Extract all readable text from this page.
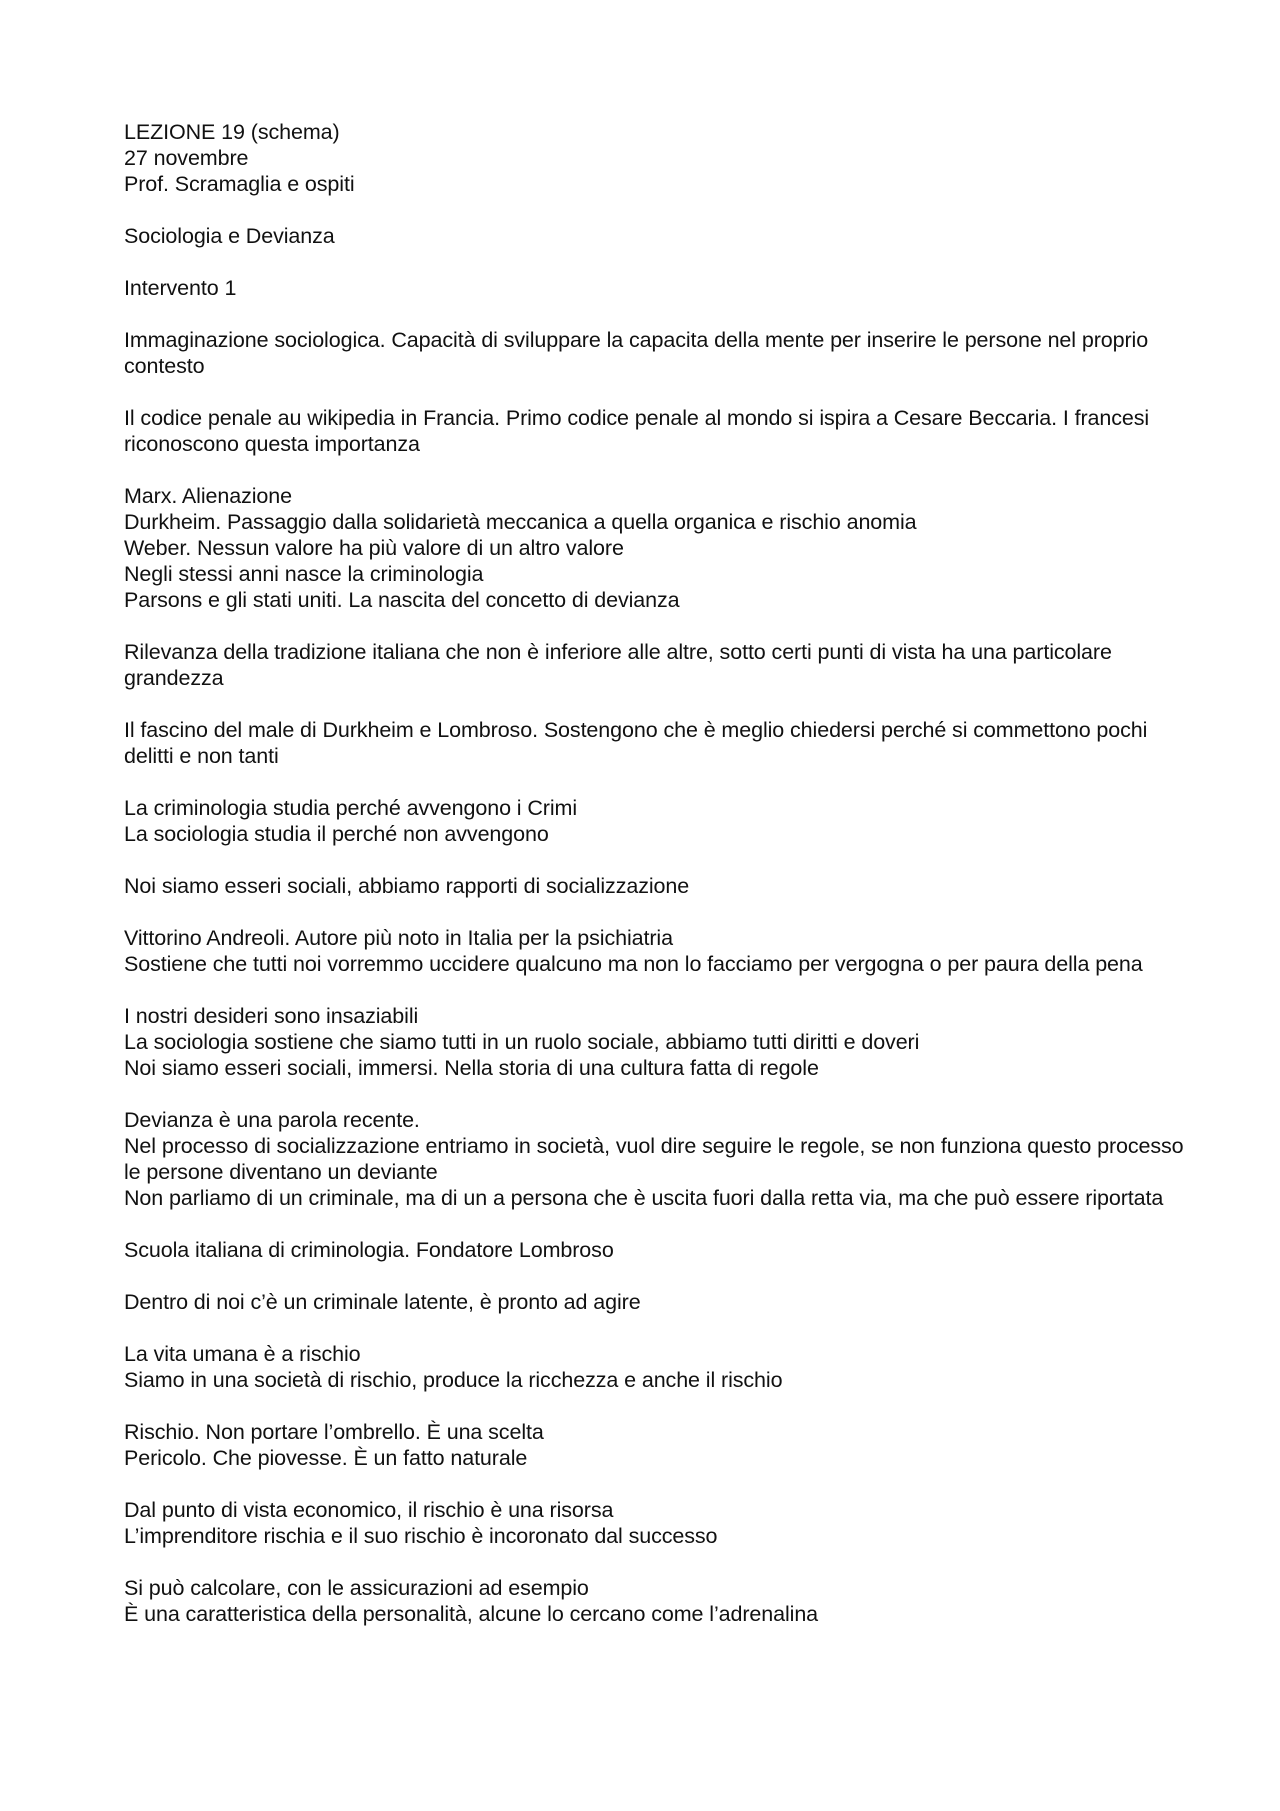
LEZIONE 19 (schema)
27 novembre
Prof. Scramaglia e ospiti
Sociologia e Devianza
Intervento 1
Immaginazione sociologica. Capacità di sviluppare la capacita della mente per inserire le persone nel proprio contesto
Il codice penale au wikipedia in Francia. Primo codice penale al mondo si ispira a Cesare Beccaria. I francesi riconoscono questa importanza
Marx. Alienazione
Durkheim. Passaggio dalla solidarietà meccanica a quella organica e rischio anomia
Weber. Nessun valore ha più valore di un altro valore
Negli stessi anni nasce la criminologia
Parsons e gli stati uniti. La nascita del concetto di devianza
Rilevanza della tradizione italiana che non è inferiore alle altre, sotto certi punti di vista ha una particolare grandezza
Il fascino del male di Durkheim e Lombroso. Sostengono che è meglio chiedersi perché si commettono pochi delitti e non tanti
La criminologia studia perché avvengono i Crimi
La sociologia studia il perché non avvengono
Noi siamo esseri sociali, abbiamo rapporti di socializzazione
Vittorino Andreoli. Autore più noto in Italia per la psichiatria
Sostiene che tutti noi vorremmo uccidere qualcuno ma non lo facciamo per vergogna o per paura della pena
I nostri desideri sono insaziabili
La sociologia sostiene che siamo tutti in un ruolo sociale, abbiamo tutti diritti e doveri
Noi siamo esseri sociali, immersi. Nella storia di una cultura fatta di regole
Devianza è una parola recente.
Nel processo di socializzazione entriamo in società, vuol dire seguire le regole, se non funziona questo processo le persone diventano un deviante
Non parliamo di un criminale, ma di un a persona che è uscita fuori dalla retta via, ma che può essere riportata
Scuola italiana di criminologia. Fondatore Lombroso
Dentro di noi c’è un criminale latente, è pronto ad agire
La vita umana è a rischio
Siamo in una società di rischio, produce la ricchezza e anche il rischio
Rischio. Non portare l’ombrello. È una scelta
Pericolo. Che piovesse. È un fatto naturale
Dal punto di vista economico, il rischio è una risorsa
L’imprenditore rischia e il suo rischio è incoronato dal successo
Si può calcolare, con le assicurazioni ad esempio
È una caratteristica della personalità, alcune lo cercano come l’adrenalina
